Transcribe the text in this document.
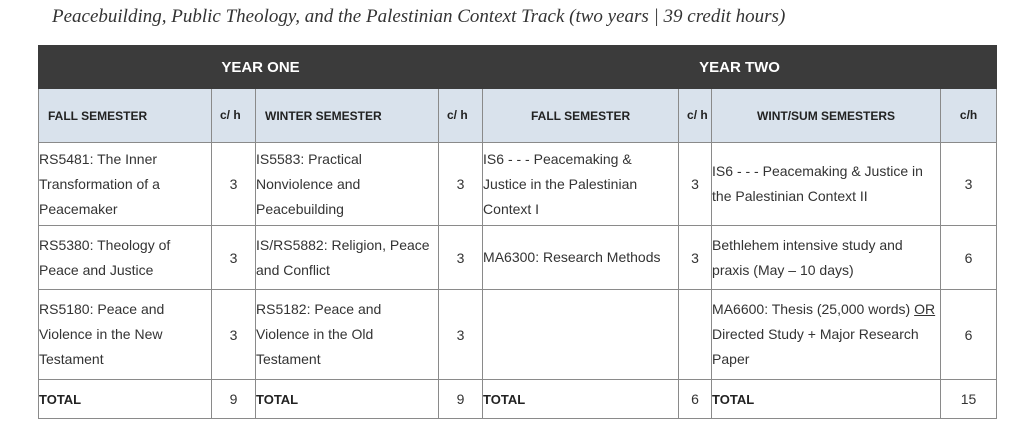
Peacebuilding, Public Theology, and the Palestinian Context Track (two years | 39 credit hours)
YEAR ONE				YEAR TWO			
FALL SEMESTER	c/ h	WINTER SEMESTER	c/ h	FALL SEMESTER	c/ h	WINT/SUM SEMESTERS	c/h
RS5481: The Inner Transformation of a Peacemaker	3	IS5583: Practical Nonviolence and Peacebuilding	3	IS6 - - - Peacemaking & Justice in the Palestinian Context I	3	IS6 - - - Peacemaking & Justice in the Palestinian Context II	3
RS5380: Theology of Peace and Justice	3	IS/RS5882: Religion, Peace and Conflict	3	MA6300: Research Methods	3	Bethlehem intensive study and praxis (May – 10 days)	6
RS5180: Peace and Violence in the New Testament	3	RS5182: Peace and Violence in the Old Testament	3			MA6600: Thesis (25,000 words) OR Directed Study + Major Research Paper	6
TOTAL	9	TOTAL	9	TOTAL	6	TOTAL	15
